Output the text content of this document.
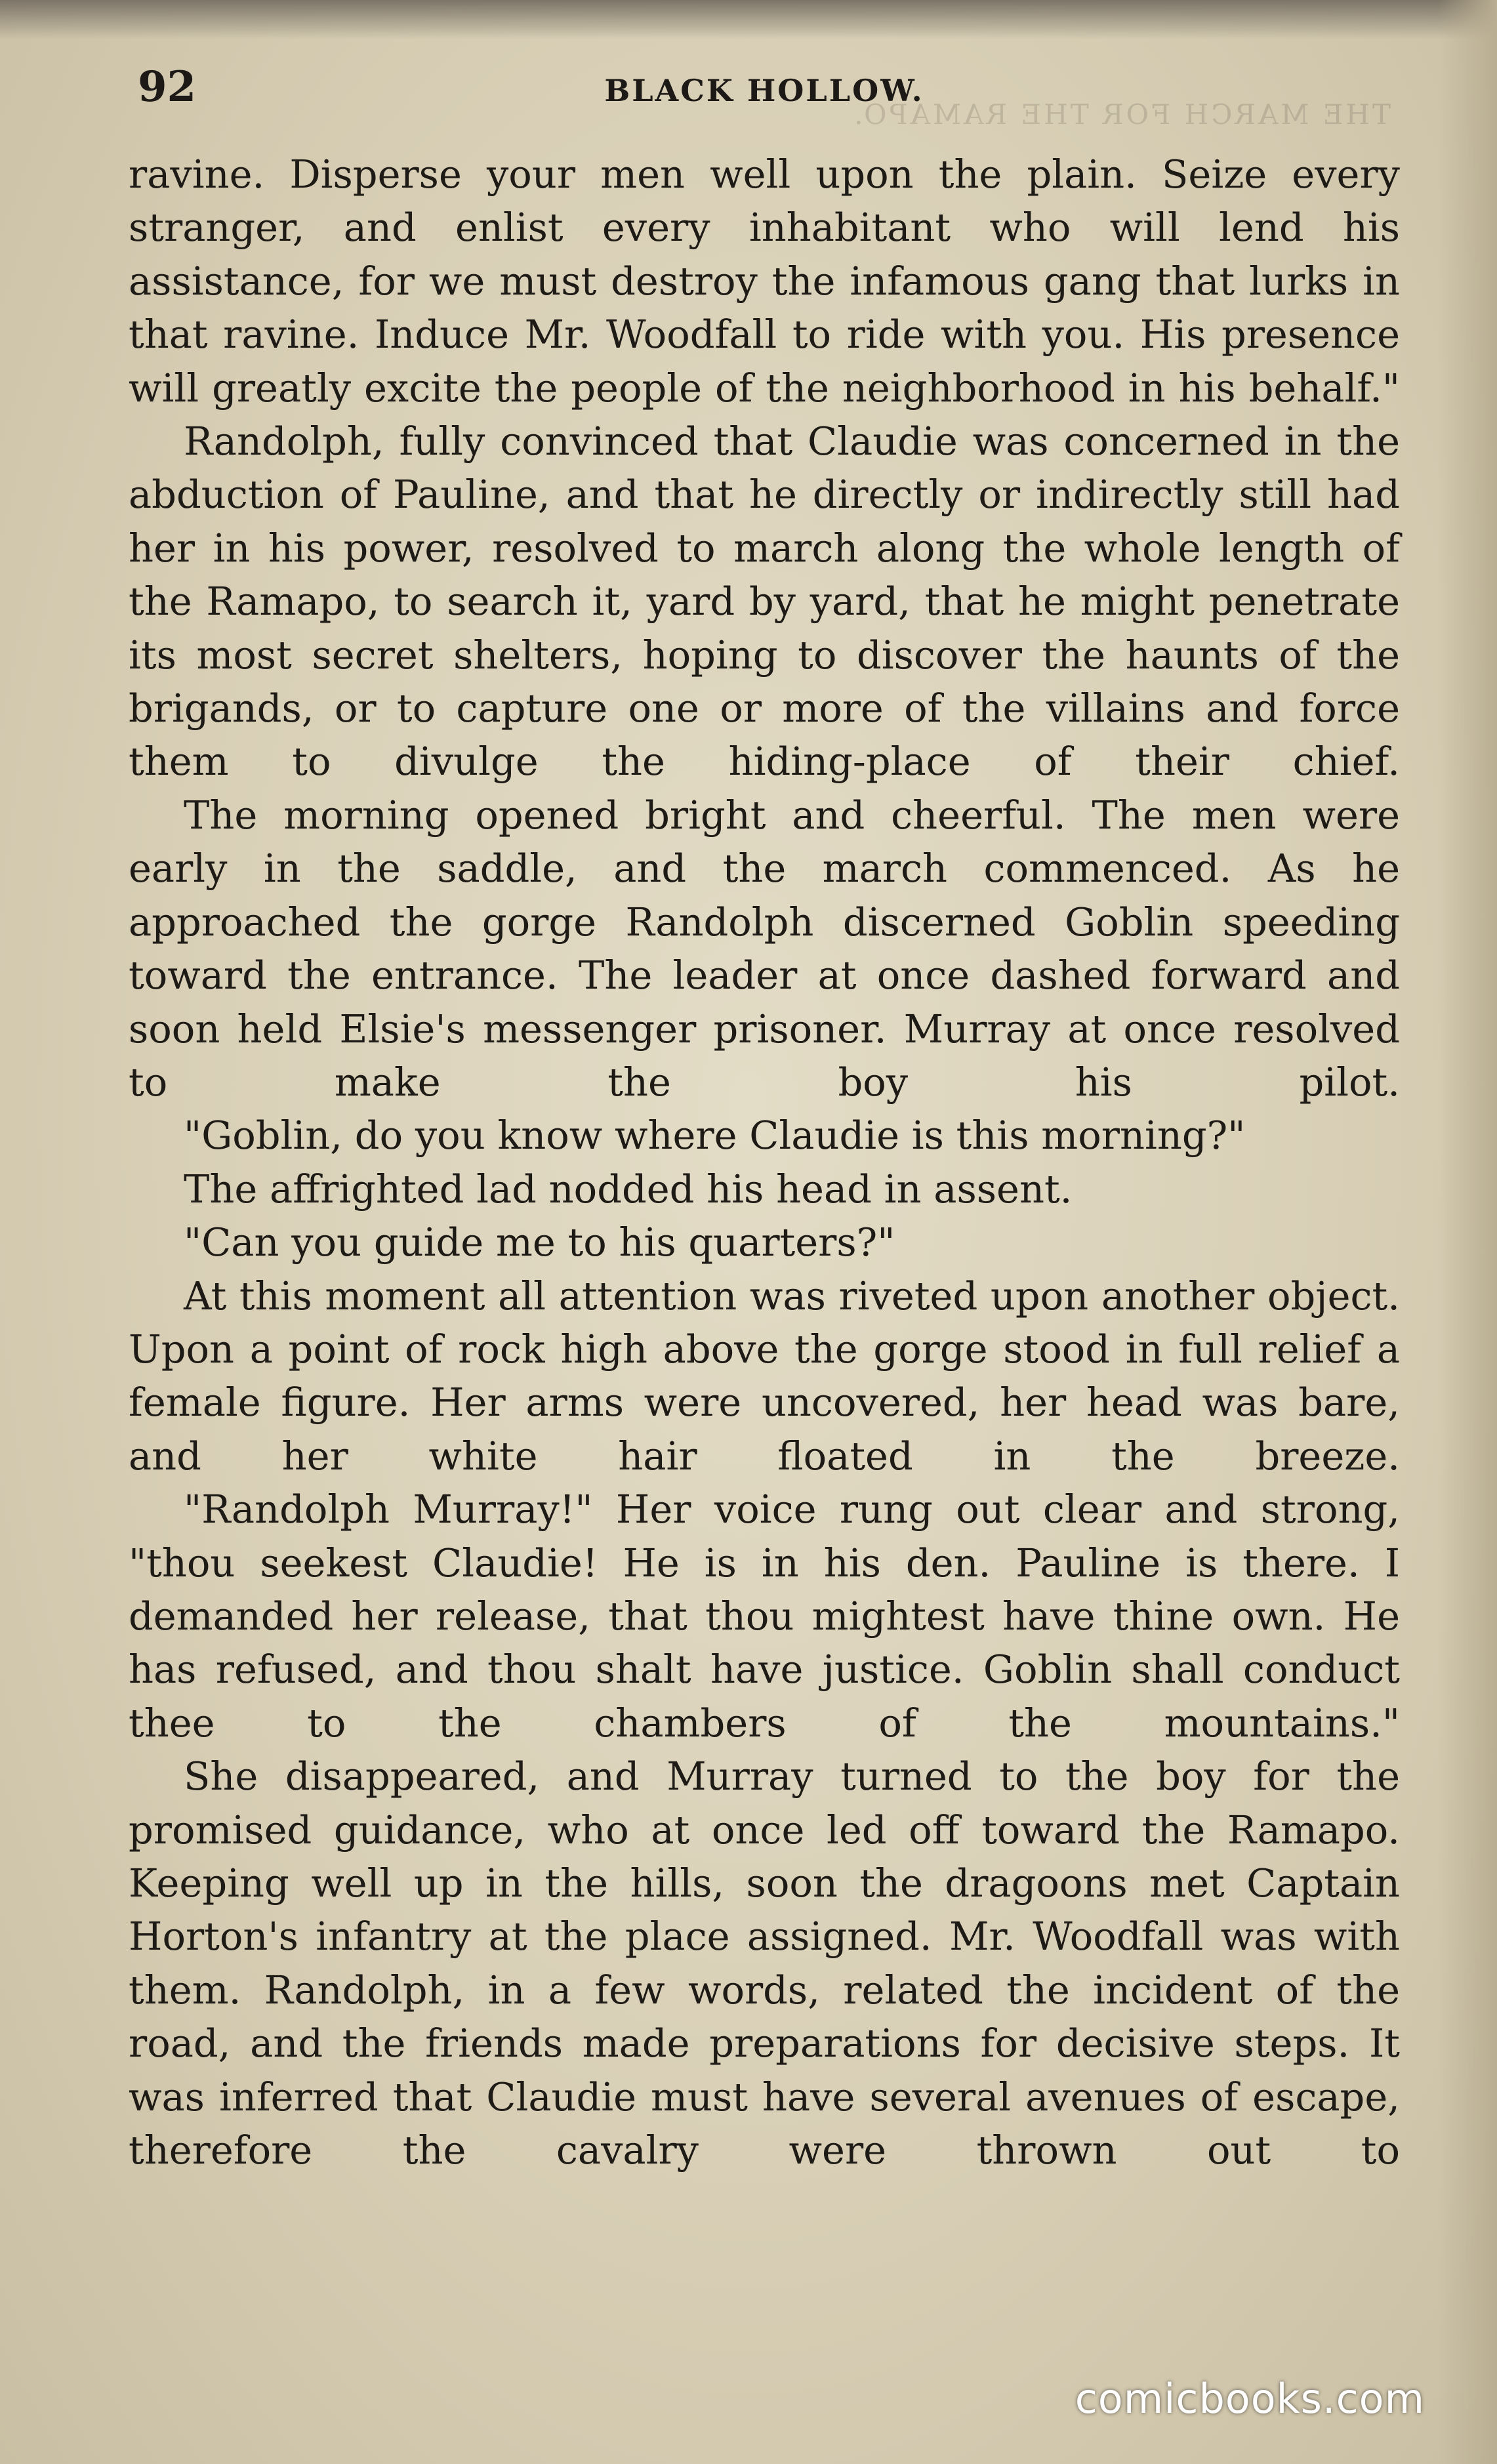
92	BLACK HOLLOW.
THE MARCH FOR THE RAMAPO.

ravine. Disperse your men well upon the plain. Seize every stranger, and enlist every inhabitant who will lend his assistance, for we must destroy the infamous gang that lurks in that ravine. Induce Mr. Woodfall to ride with you. His presence will greatly excite the people of the neighborhood in his behalf."

Randolph, fully convinced that Claudie was concerned in the abduction of Pauline, and that he directly or indirectly still had her in his power, resolved to march along the whole length of the Ramapo, to search it, yard by yard, that he might penetrate its most secret shelters, hoping to discover the haunts of the brigands, or to capture one or more of the villains and force them to divulge the hiding-place of their chief.

The morning opened bright and cheerful. The men were early in the saddle, and the march commenced. As he approached the gorge Randolph discerned Goblin speeding toward the entrance. The leader at once dashed forward and soon held Elsie's messenger prisoner. Murray at once resolved to make the boy his pilot.

"Goblin, do you know where Claudie is this morning?"

The affrighted lad nodded his head in assent.

"Can you guide me to his quarters?"

At this moment all attention was riveted upon another object. Upon a point of rock high above the gorge stood in full relief a female figure. Her arms were uncovered, her head was bare, and her white hair floated in the breeze.

"Randolph Murray!" Her voice rung out clear and strong, "thou seekest Claudie! He is in his den. Pauline is there. I demanded her release, that thou mightest have thine own. He has refused, and thou shalt have justice. Goblin shall conduct thee to the chambers of the mountains."

She disappeared, and Murray turned to the boy for the promised guidance, who at once led off toward the Ramapo. Keeping well up in the hills, soon the dragoons met Captain Horton's infantry at the place assigned. Mr. Woodfall was with them. Randolph, in a few words, related the incident of the road, and the friends made preparations for decisive steps. It was inferred that Claudie must have several avenues of escape, therefore the cavalry were thrown out to

comicbooks.com
